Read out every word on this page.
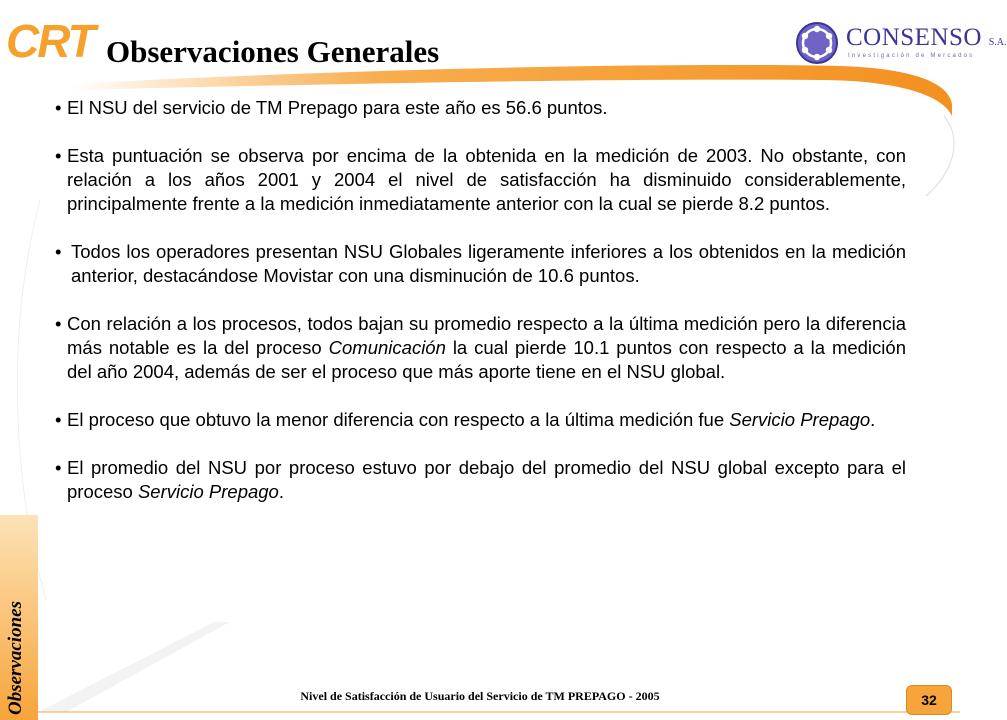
CRT Observaciones Generales	CONSENSO S.A.
Investigación de Mercados
• El NSU del servicio de TM Prepago para este año es 56.6 puntos.
• Esta puntuación se observa por encima de la obtenida en la medición de 2003. No obstante, con relación a los años 2001 y 2004 el nivel de satisfacción ha disminuido considerablemente, principalmente frente a la medición inmediatamente anterior con la cual se pierde 8.2 puntos.
• Todos los operadores presentan NSU Globales ligeramente inferiores a los obtenidos en la medición anterior, destacándose Movistar con una disminución de 10.6 puntos.
• Con relación a los procesos, todos bajan su promedio respecto a la última medición pero la diferencia más notable es la del proceso Comunicación la cual pierde 10.1 puntos con respecto a la medición del año 2004, además de ser el proceso que más aporte tiene en el NSU global.
• El proceso que obtuvo la menor diferencia con respecto a la última medición fue Servicio Prepago.
• El promedio del NSU por proceso estuvo por debajo del promedio del NSU global excepto para el proceso Servicio Prepago.
Observaciones	Nivel de Satisfacción de Usuario del Servicio de TM PREPAGO - 2005	32
